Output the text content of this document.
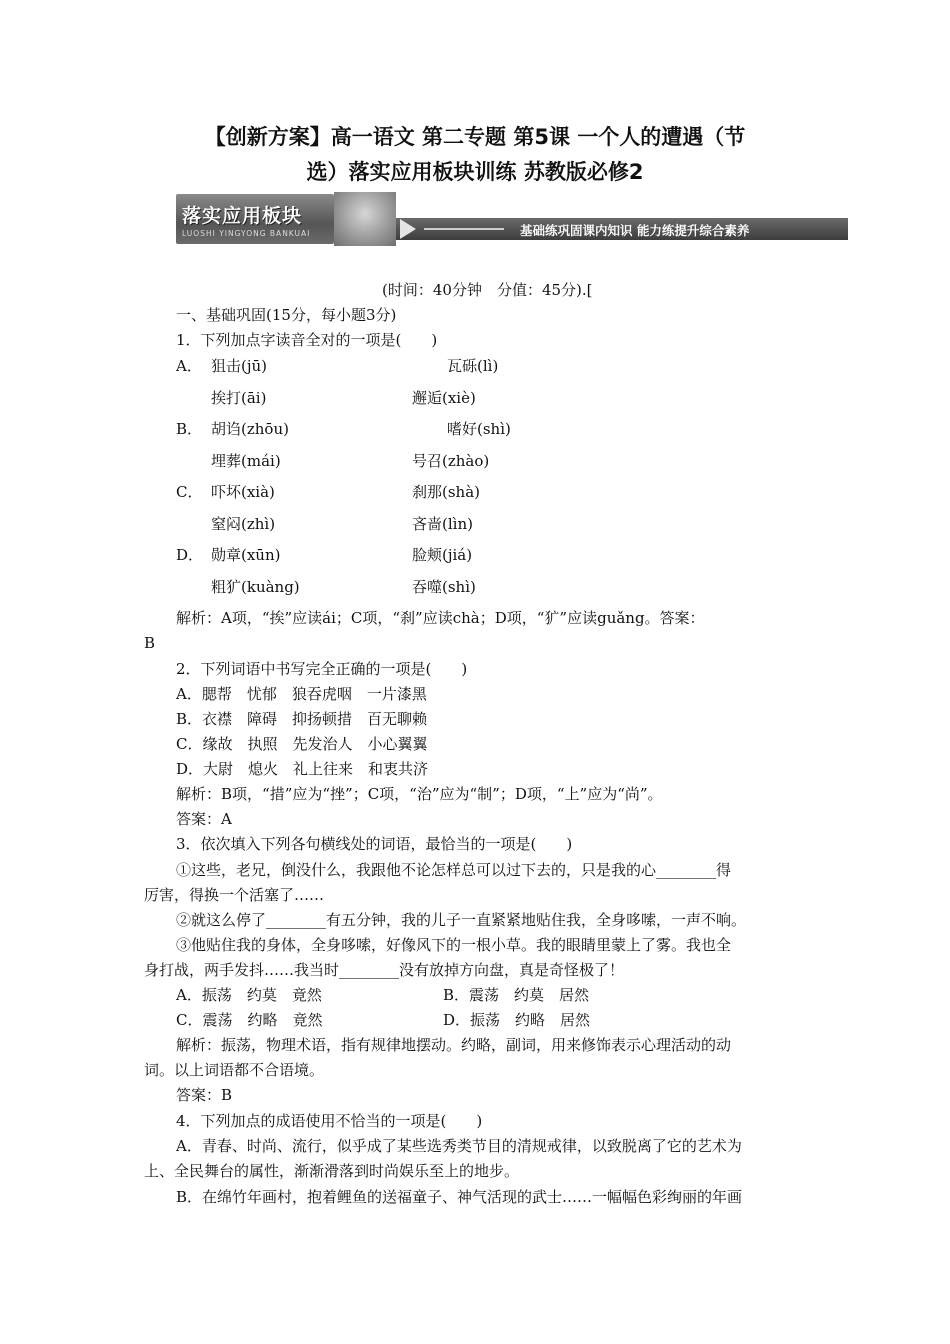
【创新方案】高一语文 第二专题 第5课 一个人的遭遇（节
选）落实应用板块训练 苏教版必修2
落实应用板块
LUOSHI YINGYONG BANKUAI	基础练巩固课内知识 能力练提升综合素养
(时间：40分钟　分值：45分).[
一、基础巩固(15分，每小题3分)
1．下列加点字读音全对的一项是(　　)
A． 狙击(jū)	瓦砾(lì)
挨打(āi)	邂逅(xiè)
B． 胡诌(zhōu)	嗜好(shì)
埋葬(mái)	号召(zhào)
C． 吓坏(xià)	刹那(shà)
窒闷(zhì)	吝啬(lìn)
D． 勋章(xūn)	脸颊(jiá)
粗犷(kuàng)	吞噬(shì)
解析：A项，“挨”应读ái；C项，“刹”应读chà；D项，“犷”应读guǎng。答案：
B
2．下列词语中书写完全正确的一项是(　　)
A．腮帮　忧郁　狼吞虎咽　一片漆黑
B．衣襟　障碍　抑扬顿措　百无聊赖
C．缘故　执照　先发治人　小心翼翼
D．大尉　熄火　礼上往来　和衷共济
解析：B项，“措”应为“挫”；C项，“治”应为“制”；D项，“上”应为“尚”。
答案：A
3．依次填入下列各句横线处的词语，最恰当的一项是(　　)
①这些，老兄，倒没什么，我跟他不论怎样总可以过下去的，只是我的心________得
厉害，得换一个活塞了……
②就这么停了________有五分钟，我的儿子一直紧紧地贴住我，全身哆嗦，一声不响。
③他贴住我的身体，全身哆嗦，好像风下的一根小草。我的眼睛里蒙上了雾。我也全
身打战，两手发抖……我当时________没有放掉方向盘，真是奇怪极了！
A．振荡　约莫　竟然	B．震荡　约莫　居然
C．震荡　约略　竟然	D．振荡　约略　居然
解析：振荡，物理术语，指有规律地摆动。约略，副词，用来修饰表示心理活动的动
词。以上词语都不合语境。
答案：B
4．下列加点的成语使用不恰当的一项是(　　)
A．青春、时尚、流行，似乎成了某些选秀类节目的清规戒律，以致脱离了它的艺术为
上、全民舞台的属性，渐渐滑落到时尚娱乐至上的地步。
B．在绵竹年画村，抱着鲤鱼的送福童子、神气活现的武士……一幅幅色彩绚丽的年画
